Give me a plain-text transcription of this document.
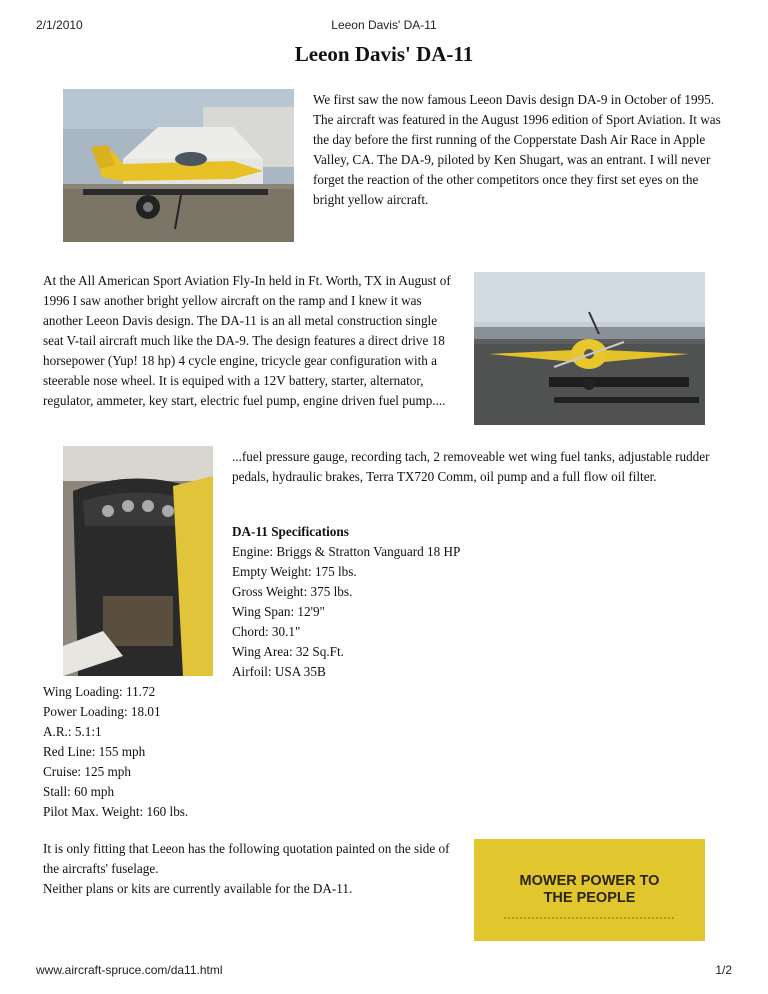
2/1/2010	Leeon Davis' DA-11
Leeon Davis' DA-11

We first saw the now famous Leeon Davis design DA-9 in October of 1995. The aircraft was featured in the August 1996 edition of Sport Aviation. It was the day before the first running of the Copperstate Dash Air Race in Apple Valley, CA. The DA-9, piloted by Ken Shugart, was an entrant. I will never forget the reaction of the other competitors once they first set eyes on the bright yellow aircraft.

At the All American Sport Aviation Fly-In held in Ft. Worth, TX in August of 1996 I saw another bright yellow aircraft on the ramp and I knew it was another Leeon Davis design. The DA-11 is an all metal construction single seat V-tail aircraft much like the DA-9. The design features a direct drive 18 horsepower (Yup! 18 hp) 4 cycle engine, tricycle gear configuration with a steerable nose wheel. It is equiped with a 12V battery, starter, alternator, regulator, ammeter, key start, electric fuel pump, engine driven fuel pump....

...fuel pressure gauge, recording tach, 2 removeable wet wing fuel tanks, adjustable rudder pedals, hydraulic brakes, Terra TX720 Comm, oil pump and a full flow oil filter.

DA-11 Specifications
Engine: Briggs & Stratton Vanguard 18 HP
Empty Weight: 175 lbs.
Gross Weight: 375 lbs.
Wing Span: 12'9"
Chord: 30.1"
Wing Area: 32 Sq.Ft.
Airfoil: USA 35B
Wing Loading: 11.72
Power Loading: 18.01
A.R.: 5.1:1
Red Line: 155 mph
Cruise: 125 mph
Stall: 60 mph
Pilot Max. Weight: 160 lbs.
It is only fitting that Leeon has the following quotation painted on the side of the aircrafts' fuselage.
Neither plans or kits are currently available for the DA-11.	MOWER POWER TO
THE PEOPLE
www.aircraft-spruce.com/da11.html	1/2
